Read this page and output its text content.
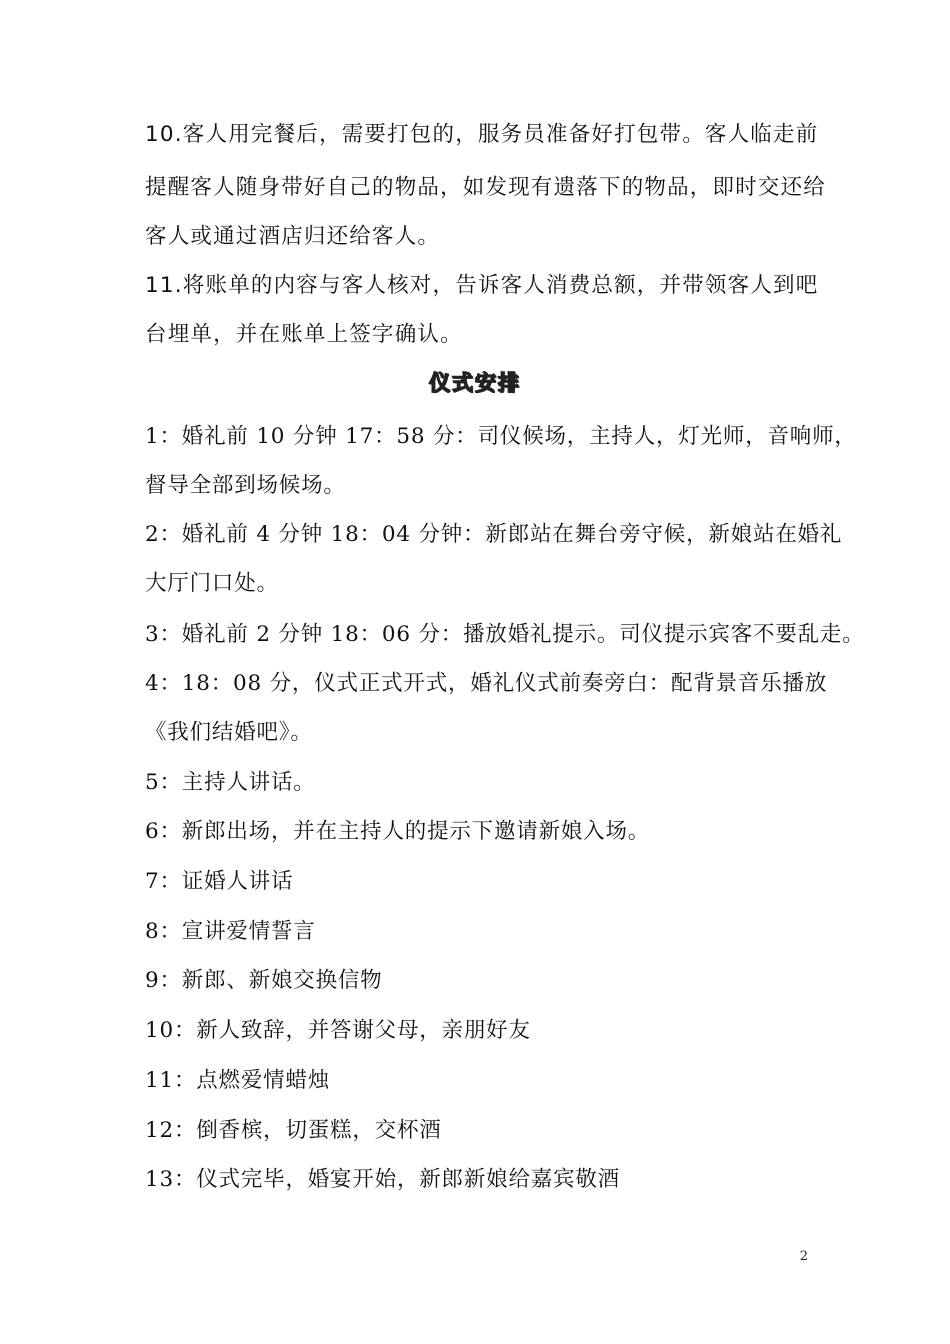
10.客人用完餐后，需要打包的，服务员准备好打包带。客人临走前
提醒客人随身带好自己的物品，如发现有遗落下的物品，即时交还给
客人或通过酒店归还给客人。
11.将账单的内容与客人核对，告诉客人消费总额，并带领客人到吧
台埋单，并在账单上签字确认。
仪式安排
1：婚礼前 10 分钟 17：58 分：司仪候场，主持人，灯光师，音响师，
督导全部到场候场。
2：婚礼前 4 分钟 18：04 分钟：新郎站在舞台旁守候，新娘站在婚礼
大厅门口处。
3：婚礼前 2 分钟 18：06 分：播放婚礼提示。司仪提示宾客不要乱走。
4：18：08 分，仪式正式开式，婚礼仪式前奏旁白：配背景音乐播放
《我们结婚吧》。
5：主持人讲话。
6：新郎出场，并在主持人的提示下邀请新娘入场。
7：证婚人讲话
8：宣讲爱情誓言
9：新郎、新娘交换信物
10：新人致辞，并答谢父母，亲朋好友
11：点燃爱情蜡烛
12：倒香槟，切蛋糕，交杯酒
13：仪式完毕，婚宴开始，新郎新娘给嘉宾敬酒
2
